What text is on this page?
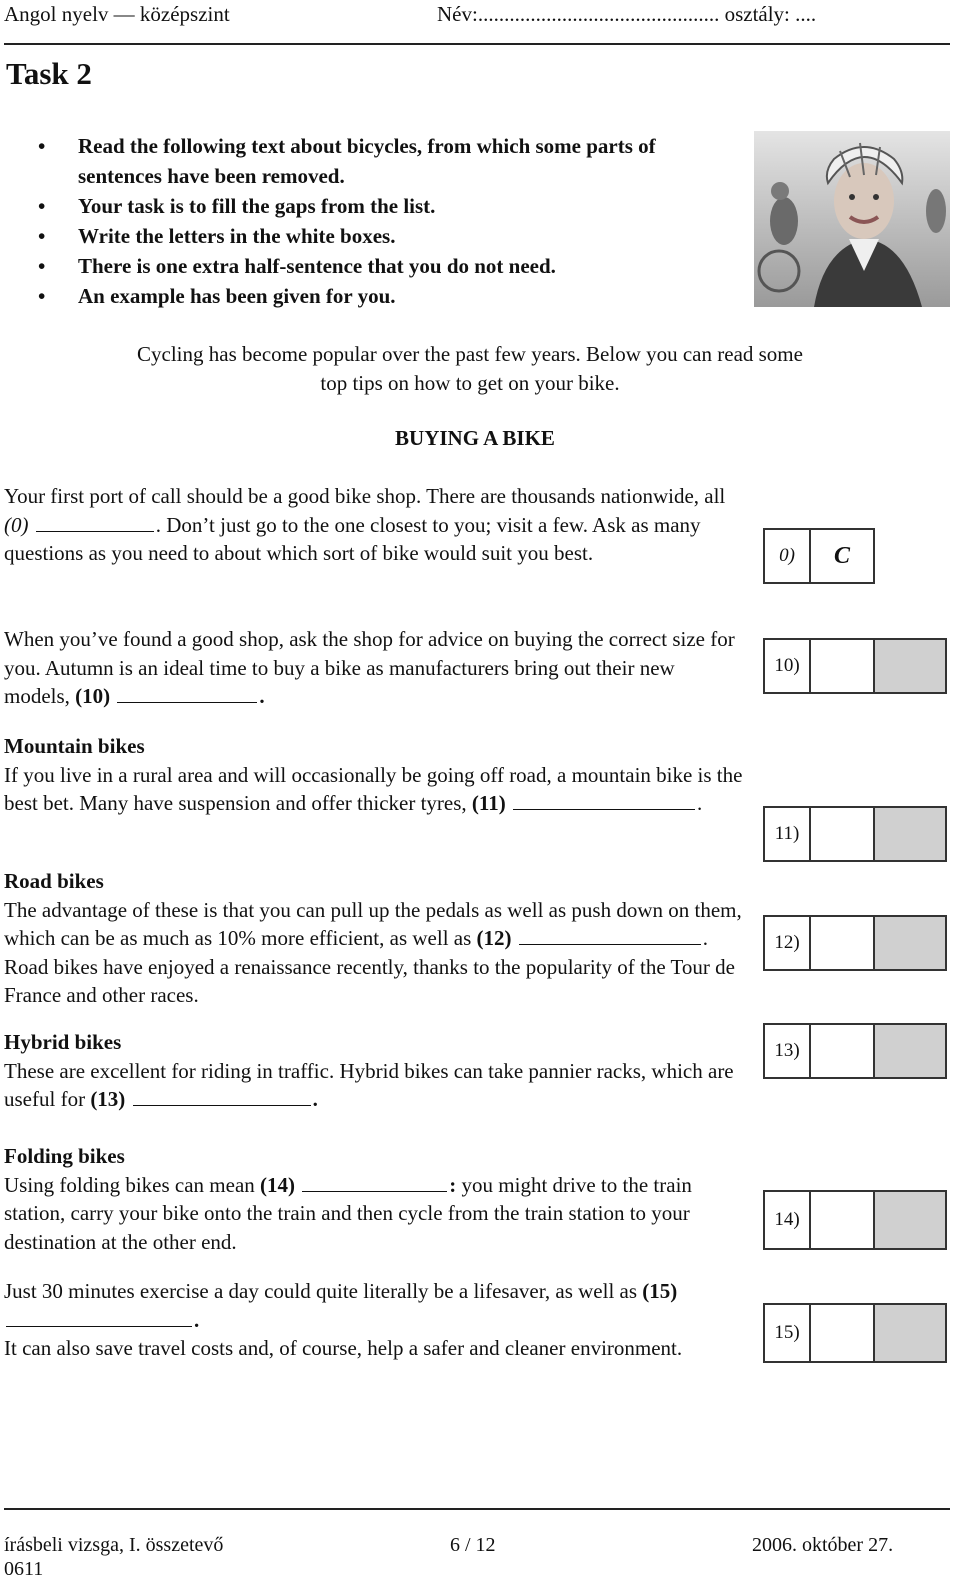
Angol nyelv — középszint	Név:.............................................. osztály: ....
Task 2
• Read the following text about bicycles, from which some parts of sentences have been removed.
• Your task is to fill the gaps from the list.
• Write the letters in the white boxes.
• There is one extra half-sentence that you do not need.
• An example has been given for you.
Cycling has become popular over the past few years. Below you can read some top tips on how to get on your bike.
BUYING A BIKE
Your first port of call should be a good bike shop. There are thousands nationwide, all (0)	. Don’t just go to the one closest to you; visit a few. Ask as many questions as you need to about which sort of bike would suit you best.
When you’ve found a good shop, ask the shop for advice on buying the correct size for you. Autumn is an ideal time to buy a bike as manufacturers bring out their new models, (10)	.
Mountain bikes
If you live in a rural area and will occasionally be going off road, a mountain bike is the best bet. Many have suspension and offer thicker tyres, (11)	.
Road bikes
The advantage of these is that you can pull up the pedals as well as push down on them, which can be as much as 10% more efficient, as well as (12)	. Road bikes have enjoyed a renaissance recently, thanks to the popularity of the Tour de France and other races.
Hybrid bikes
These are excellent for riding in traffic. Hybrid bikes can take pannier racks, which are useful for (13)	.
Folding bikes
Using folding bikes can mean (14)	: you might drive to the train station, carry your bike onto the train and then cycle from the train station to your destination at the other end.
Just 30 minutes exercise a day could quite literally be a lifesaver, as well as (15) .
It can also save travel costs and, of course, help a safer and cleaner environment.
0)	C
10)
11)
12)
13)
14)
15)
írásbeli vizsga, I. összetevő	6 / 12	2006. október 27.
0611
